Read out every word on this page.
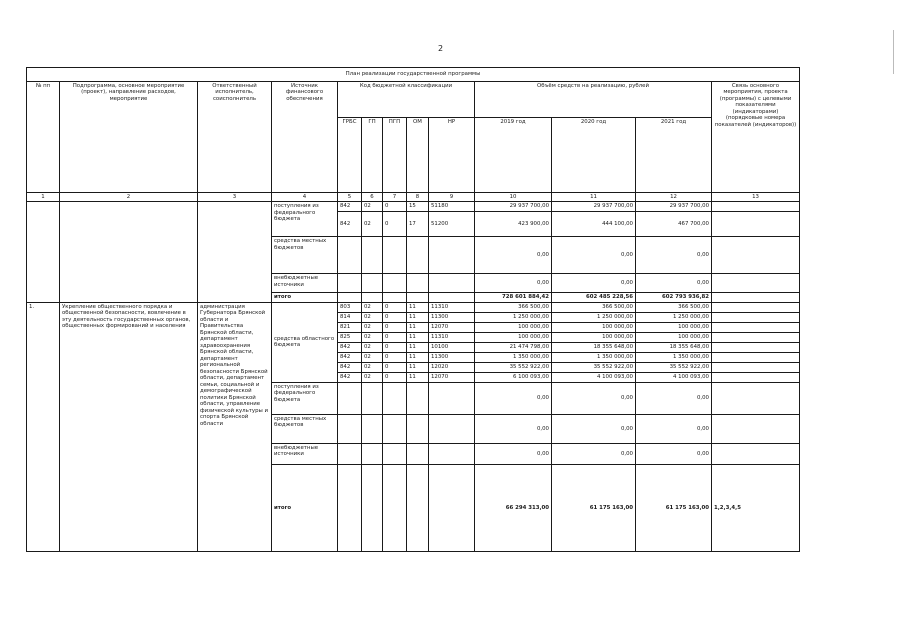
2
План реализации государственной программы												
№ пп	Подпрограмма, основное мероприятие (проект), направление расходов, мероприятие	Ответственный исполнитель, соисполнитель	Источник финансового обеспечения	Код бюджетной классификации					Объём средств на реализацию, рублей			Связь основного мероприятия, проекта (программы) с целевыми показателями (индикаторами) (порядковые номера показателей (индикаторов))
				ГРБС	ГП	ПГП	ОМ	НР	2019 год	2020 год	2021 год	
1	2	3	4	5	6	7	8	9	10	11	12	13
			поступления из федерального бюджета	842	02	0	15	51180	29 937 700,00	29 937 700,00	29 937 700,00	
				842	02	0	17	51200	423 900,00	444 100,00	467 700,00	
			средства местных бюджетов						0,00	0,00	0,00	
			внебюджетные источники						0,00	0,00	0,00	
			итого						728 601 884,42	602 485 228,56	602 793 936,82	
1.	Укрепление общественного порядка и общественной безопасности, вовлечение в эту деятельность государственных органов, общественных формирований и населения	администрация Губернатора Брянской области и Правительства Брянской области, департамент здравоохранения Брянской области, департамент региональной безопасности Брянской области, департамент семьи, социальной и демографической политики Брянской области, управление физической культуры и спорта Брянской области	средства областного бюджета	803	02	0	11	11310	366 500,00	366 500,00	366 500,00	
				814	02	0	11	11300	1 250 000,00	1 250 000,00	1 250 000,00	
				821	02	0	11	12070	100 000,00	100 000,00	100 000,00	
				825	02	0	11	11310	100 000,00	100 000,00	100 000,00	
				842	02	0	11	10100	21 474 798,00	18 355 648,00	18 355 648,00	
				842	02	0	11	11300	1 350 000,00	1 350 000,00	1 350 000,00	
				842	02	0	11	12020	35 552 922,00	35 552 922,00	35 552 922,00	
				842	02	0	11	12070	6 100 093,00	4 100 093,00	4 100 093,00	
			поступления из федерального бюджета						0,00	0,00	0,00	
			средства местных бюджетов						0,00	0,00	0,00	
			внебюджетные источники						0,00	0,00	0,00	
			итого						66 294 313,00	61 175 163,00	61 175 163,00	1,2,3,4,5
